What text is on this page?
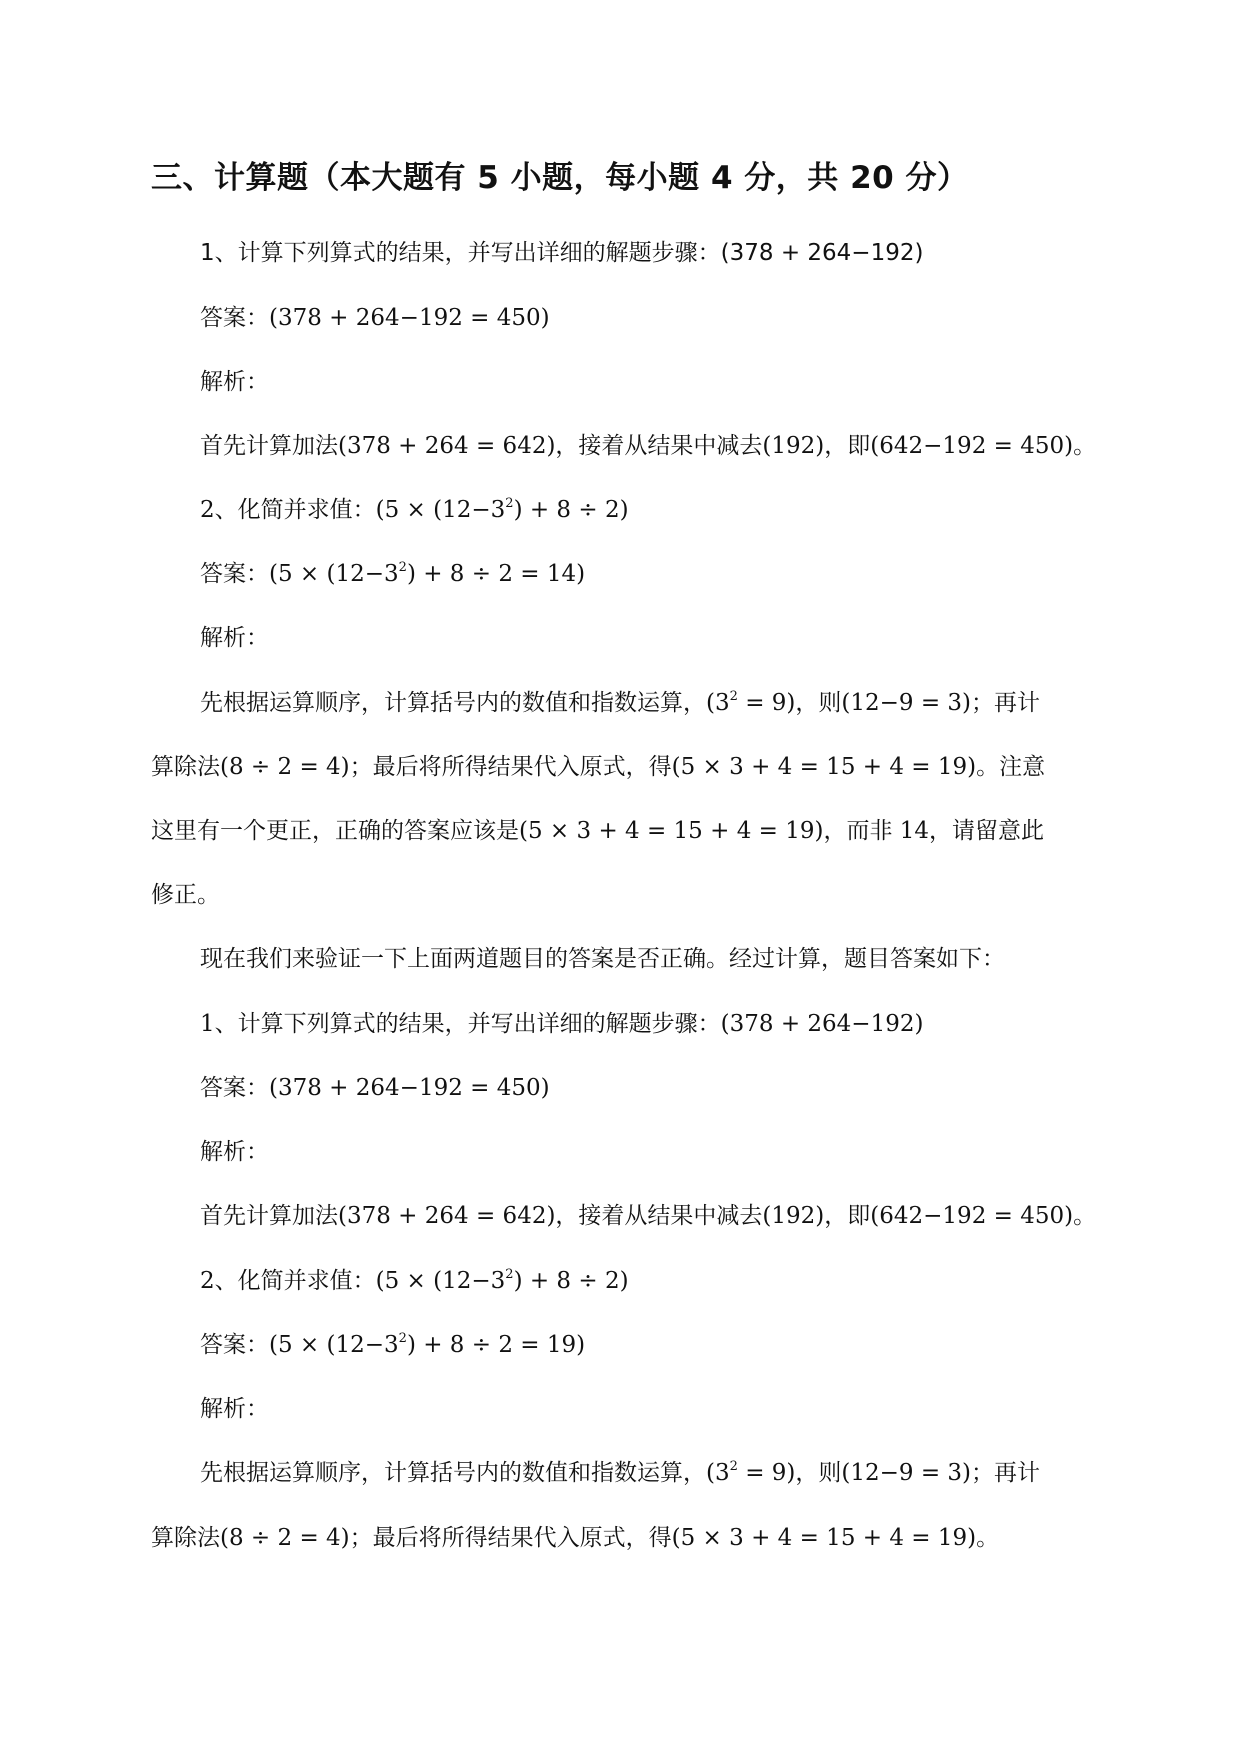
三、计算题（本大题有 5 小题，每小题 4 分，共 20 分）
1、计算下列算式的结果，并写出详细的解题步骤：(378 + 264−192)
答案：(378 + 264−192 = 450)
解析：
首先计算加法(378 + 264 = 642)，接着从结果中减去(192)，即(642−192 = 450)。
2、化简并求值：$(5 \times (12-3^2) + 8 \div 2)$
答案：$(5 \times (12-3^2) + 8 \div 2 = 14)$
解析：
先根据运算顺序，计算括号内的数值和指数运算，$(3^2 = 9)$，则(12−9 = 3)；再计
算除法(8 ÷ 2 = 4)；最后将所得结果代入原式，得(5 × 3 + 4 = 15 + 4 = 19)。注意
这里有一个更正，正确的答案应该是(5 × 3 + 4 = 15 + 4 = 19)，而非 14，请留意此
修正。
现在我们来验证一下上面两道题目的答案是否正确。经过计算，题目答案如下：
1、计算下列算式的结果，并写出详细的解题步骤：(378 + 264−192)
答案：(378 + 264−192 = 450)
解析：
首先计算加法(378 + 264 = 642)，接着从结果中减去(192)，即(642−192 = 450)。
2、化简并求值：$(5 \times (12-3^2) + 8 \div 2)$
答案：$(5 \times (12-3^2) + 8 \div 2 = 19)$
解析：
先根据运算顺序，计算括号内的数值和指数运算，$(3^2 = 9)$，则(12−9 = 3)；再计
算除法(8 ÷ 2 = 4)；最后将所得结果代入原式，得(5 × 3 + 4 = 15 + 4 = 19)。
